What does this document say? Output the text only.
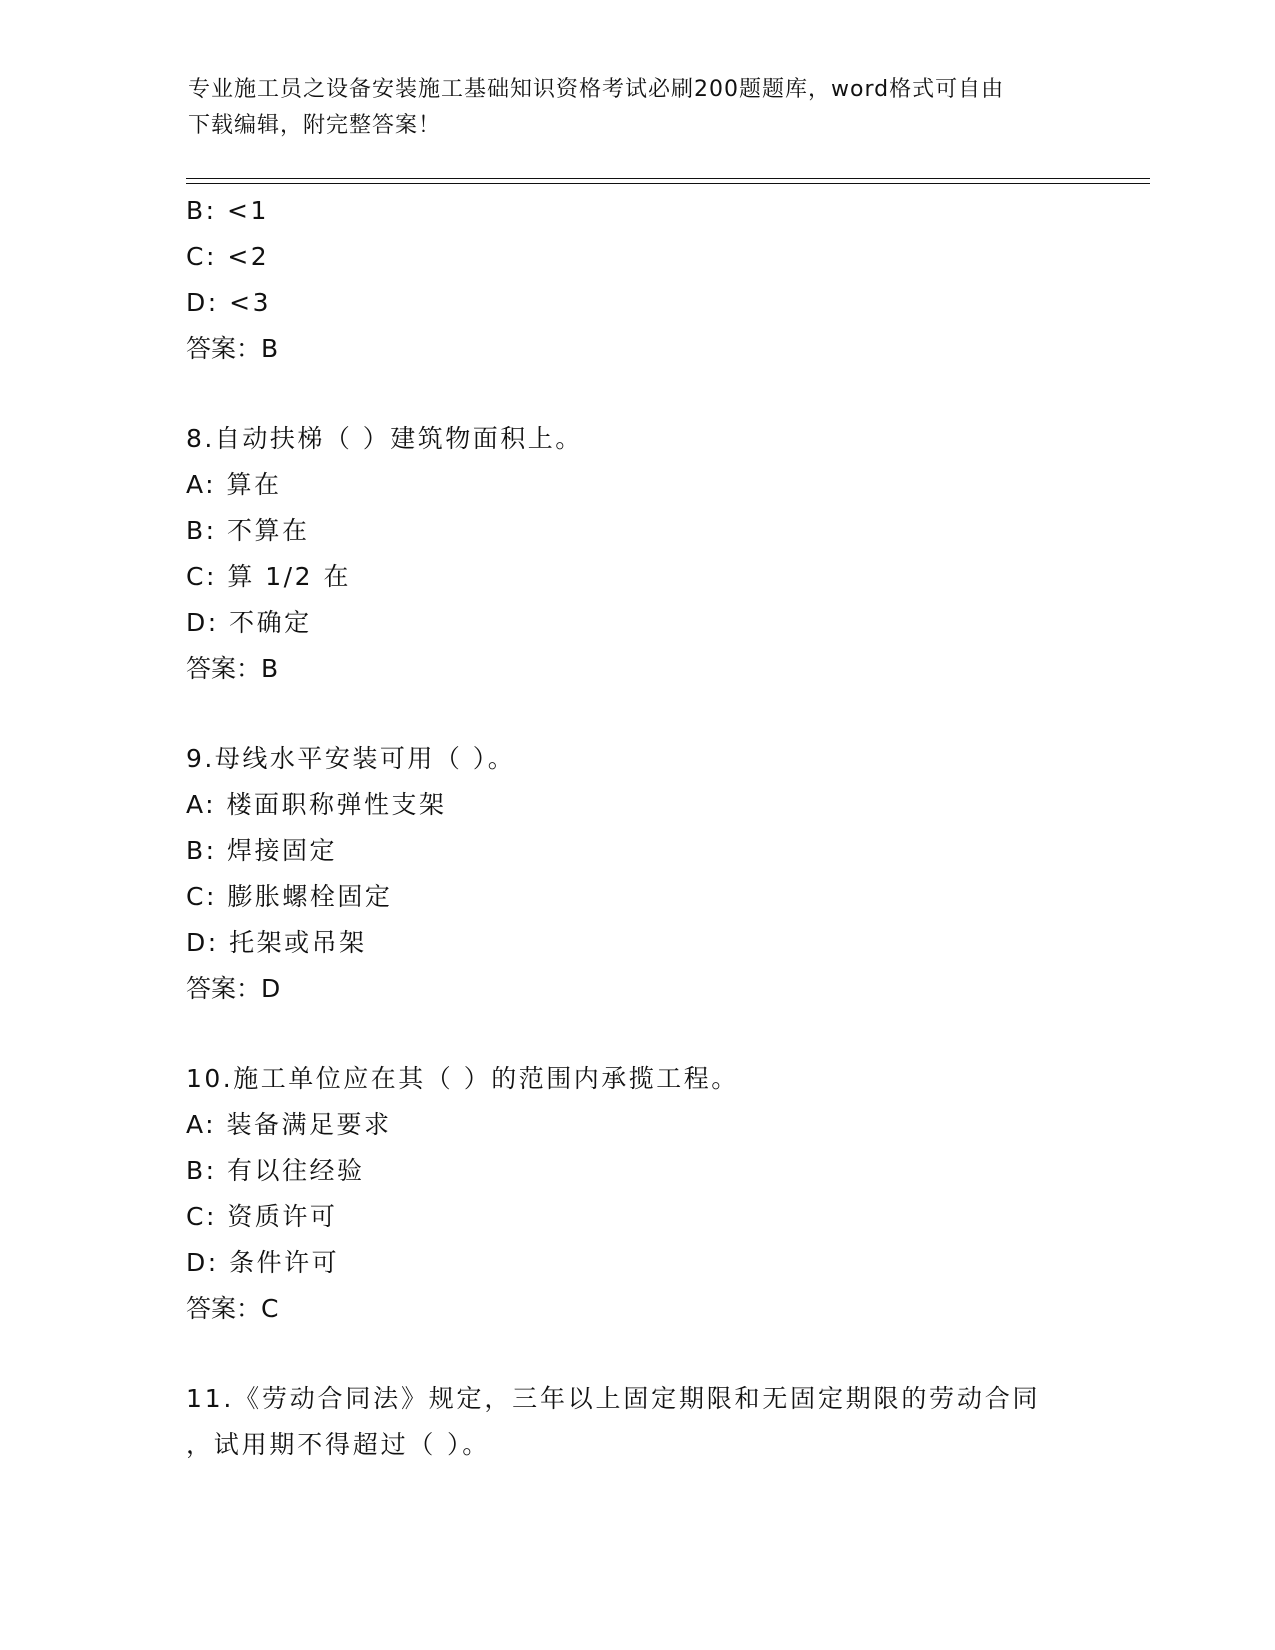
专业施工员之设备安装施工基础知识资格考试必刷200题题库，word格式可自由
下载编辑，附完整答案！
B: <1
C: <2
D: <3
答案：B
8.自动扶梯（ ）建筑物面积上。
A: 算在
B: 不算在
C: 算 1/2 在
D: 不确定
答案：B
9.母线水平安装可用（ ）。
A: 楼面职称弹性支架
B: 焊接固定
C: 膨胀螺栓固定
D: 托架或吊架
答案：D
10.施工单位应在其（ ）的范围内承揽工程。
A: 装备满足要求
B: 有以往经验
C: 资质许可
D: 条件许可
答案：C
11.《劳动合同法》规定，三年以上固定期限和无固定期限的劳动合同
，试用期不得超过（ ）。
